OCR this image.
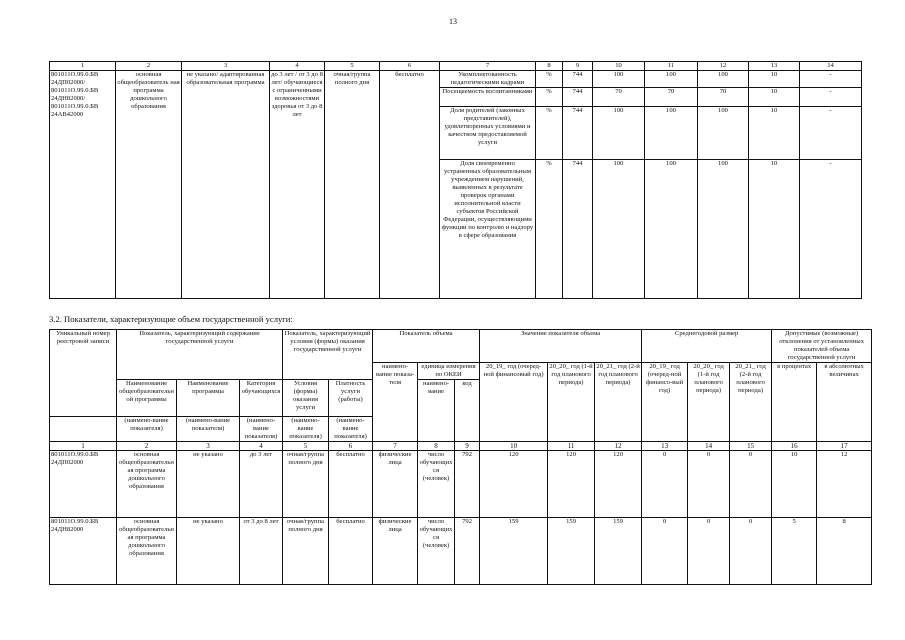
13
1	2	3	4	5	6	7	8	9	10	11	12	13	14
801011О.99.0.БВ 24ДП02000/ 801011О.99.0.БВ 24ДН82000/ 801011О.99.0.БВ 24АВ42000	основная общеобразователь ная программа дошкольного образования	не указано/ адаптированная образовательная программа	до 3 лет / от 3 до 8 лет/ обучающиеся с ограниченными возможностями здоровья от 3 до 8 лет	очная/группа полного дня	бесплатно	Укомплектованность педагогическими кадрами	%	744	100	100	100	10	-
						Посещаемость воспитанниками	%	744	70	70	70	10	-
						Доля родителей (законных представителей), удовлетворенных условиями и качеством предоставляемой услуги	%	744	100	100	100	10	-
						Доля своевременно устраненных образовательным учреждением нарушений, выявленных в результате проверок органами исполнительной власти субъектов Российской Федерации, осуществляющими функции по контролю и надзору в сфере образования	%	744	100	100	100	10	-
3.2. Показатели, характеризующие объем государственной услуги:
Уникальный номер реестровой записи	Показатель, характеризующий содержание государственной услуги			Показатель, характеризующий условия (формы) оказания государственной услуги		Показатель объема			Значение показателя объема			Среднегодовой размер			Допустимые (возможные) отклонения от установленных показателей объема государственной услуги	
						наимено-вание показа-теля	единица измерения по ОКЕИ		20_19_ год (очеред-ной финансовый год)	20_20_ год (1-й год планового периода)	20_21_ год (2-й год планового периода)	20_19_ год (очеред-ной финансо-вый год)	20_20_ год (1-й год планового периода)	20_21_ год (2-й год планового периода)	в процентах	в абсолютных величинах
	Наименование общеобразовательной программы	Наименование программы	Категория обучающихся	Условия (формы) оказания услуги	Платность услуги (работы)		наимено-вание	код								
	(наимено-вание показателя)	(наимено-вание показателя)	(наимено-вание показателя)	(наимено-вание показателя)	(наимено-вание показателя)											
1	2	3	4	5	6	7	8	9	10	11	12	13	14	15	16	17
801011О.99.0.БВ 24ДП02000	основная общеобразовательная программа дошкольного образования	не указано	до 3 лет	очная/группа полного дня	бесплатно	физические лица	число обучающихся (человек)	792	120	120	120	0	0	0	10	12
801011О.99.0.БВ 24ДН82000	основная общеобразовательная программа дошкольного образования	не указано	от 3 до 8 лет	очная/группа полного дня	бесплатно	физические лица	число обучающихся (человек)	792	159	159	159	0	0	0	5	8
